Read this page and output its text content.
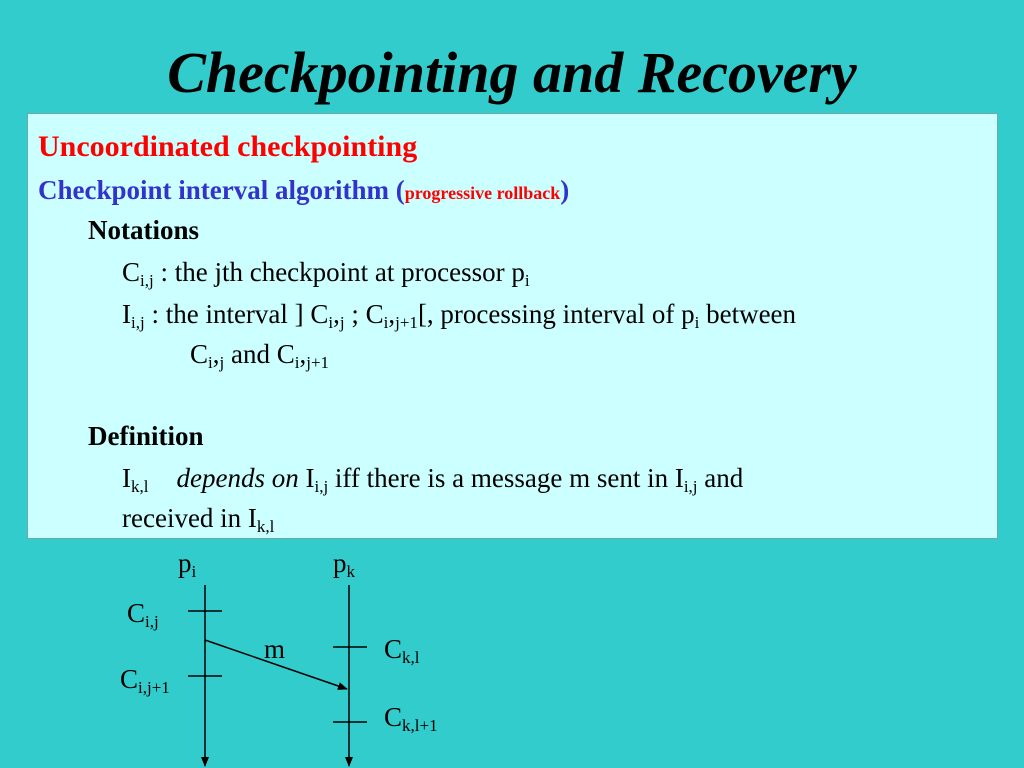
Checkpointing and Recovery
Uncoordinated checkpointing
Checkpoint interval algorithm (progressive rollback)
Notations
$C_{i,j}$ : the jth checkpoint at processor $p_i$
$I_{i,j}$ : the interval ] $C_i,_j$ ; $C_i,_{j+1}$[, processing interval of $p_i$ between
$C_i,_j$ and $C_i,_{j+1}$
Definition
$I_{k,l}$ depends on $I_{i,j}$ iff there is a message m sent in $I_{i,j}$ and
received in $I_{k,l}$
$p_i$	$p_k$
$C_{i,j}$
$C_{i,j+1}$
m	$C_{k,l}$
$C_{k,l+1}$
